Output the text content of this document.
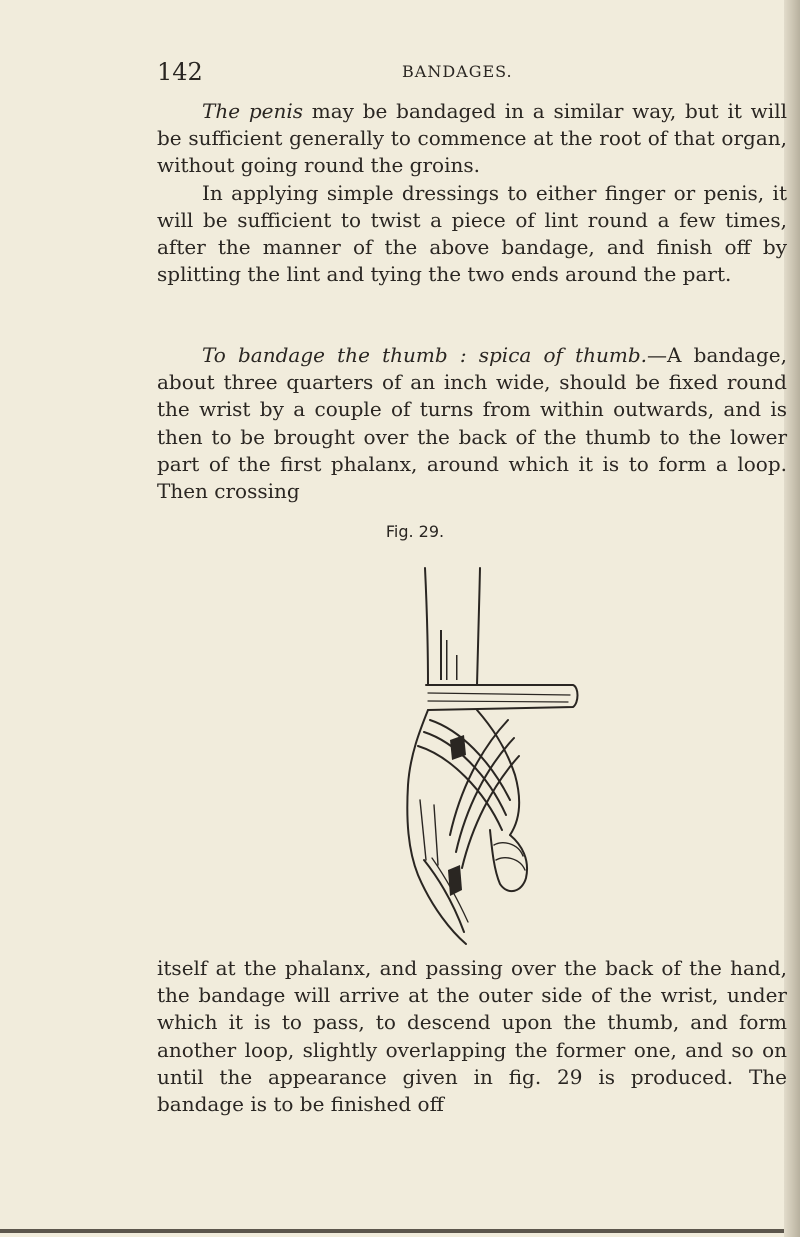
142	BANDAGES.

The penis may be bandaged in a similar way, but it will be sufficient generally to commence at the root of that organ, without going round the groins.

In applying simple dressings to either finger or penis, it will be sufficient to twist a piece of lint round a few times, after the manner of the above bandage, and finish off by splitting the lint and tying the two ends around the part.

To bandage the thumb : spica of thumb.—A bandage, about three quarters of an inch wide, should be fixed round the wrist by a couple of turns from within outwards, and is then to be brought over the back of the thumb to the lower part of the first phalanx, around which it is to form a loop. Then crossing

Fig. 29.

itself at the phalanx, and passing over the back of the hand, the bandage will arrive at the outer side of the wrist, under which it is to pass, to descend upon the thumb, and form another loop, slightly overlapping the former one, and so on until the appearance given in fig. 29 is produced. The bandage is to be finished off
